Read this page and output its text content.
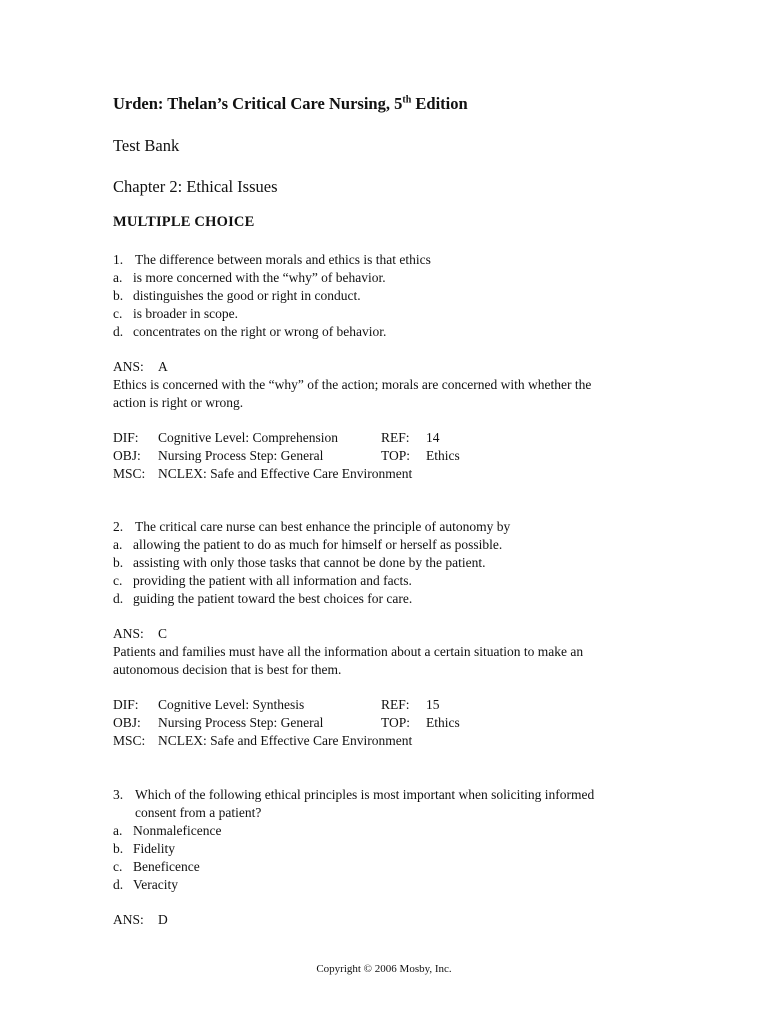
Urden: Thelan’s Critical Care Nursing, 5th Edition
Test Bank
Chapter 2: Ethical Issues
MULTIPLE CHOICE
1. The difference between morals and ethics is that ethics
a. is more concerned with the “why” of behavior.
b. distinguishes the good or right in conduct.
c. is broader in scope.
d. concentrates on the right or wrong of behavior.
ANS: A
Ethics is concerned with the “why” of the action; morals are concerned with whether the
action is right or wrong.
DIF: Cognitive Level: Comprehension	REF: 14
OBJ: Nursing Process Step: General	TOP: Ethics
MSC: NCLEX: Safe and Effective Care Environment
2. The critical care nurse can best enhance the principle of autonomy by
a. allowing the patient to do as much for himself or herself as possible.
b. assisting with only those tasks that cannot be done by the patient.
c. providing the patient with all information and facts.
d. guiding the patient toward the best choices for care.
ANS: C
Patients and families must have all the information about a certain situation to make an
autonomous decision that is best for them.
DIF: Cognitive Level: Synthesis	REF: 15
OBJ: Nursing Process Step: General	TOP: Ethics
MSC: NCLEX: Safe and Effective Care Environment
3. Which of the following ethical principles is most important when soliciting informed
consent from a patient?
a. Nonmaleficence
b. Fidelity
c. Beneficence
d. Veracity
ANS: D
Copyright © 2006 Mosby, Inc.
